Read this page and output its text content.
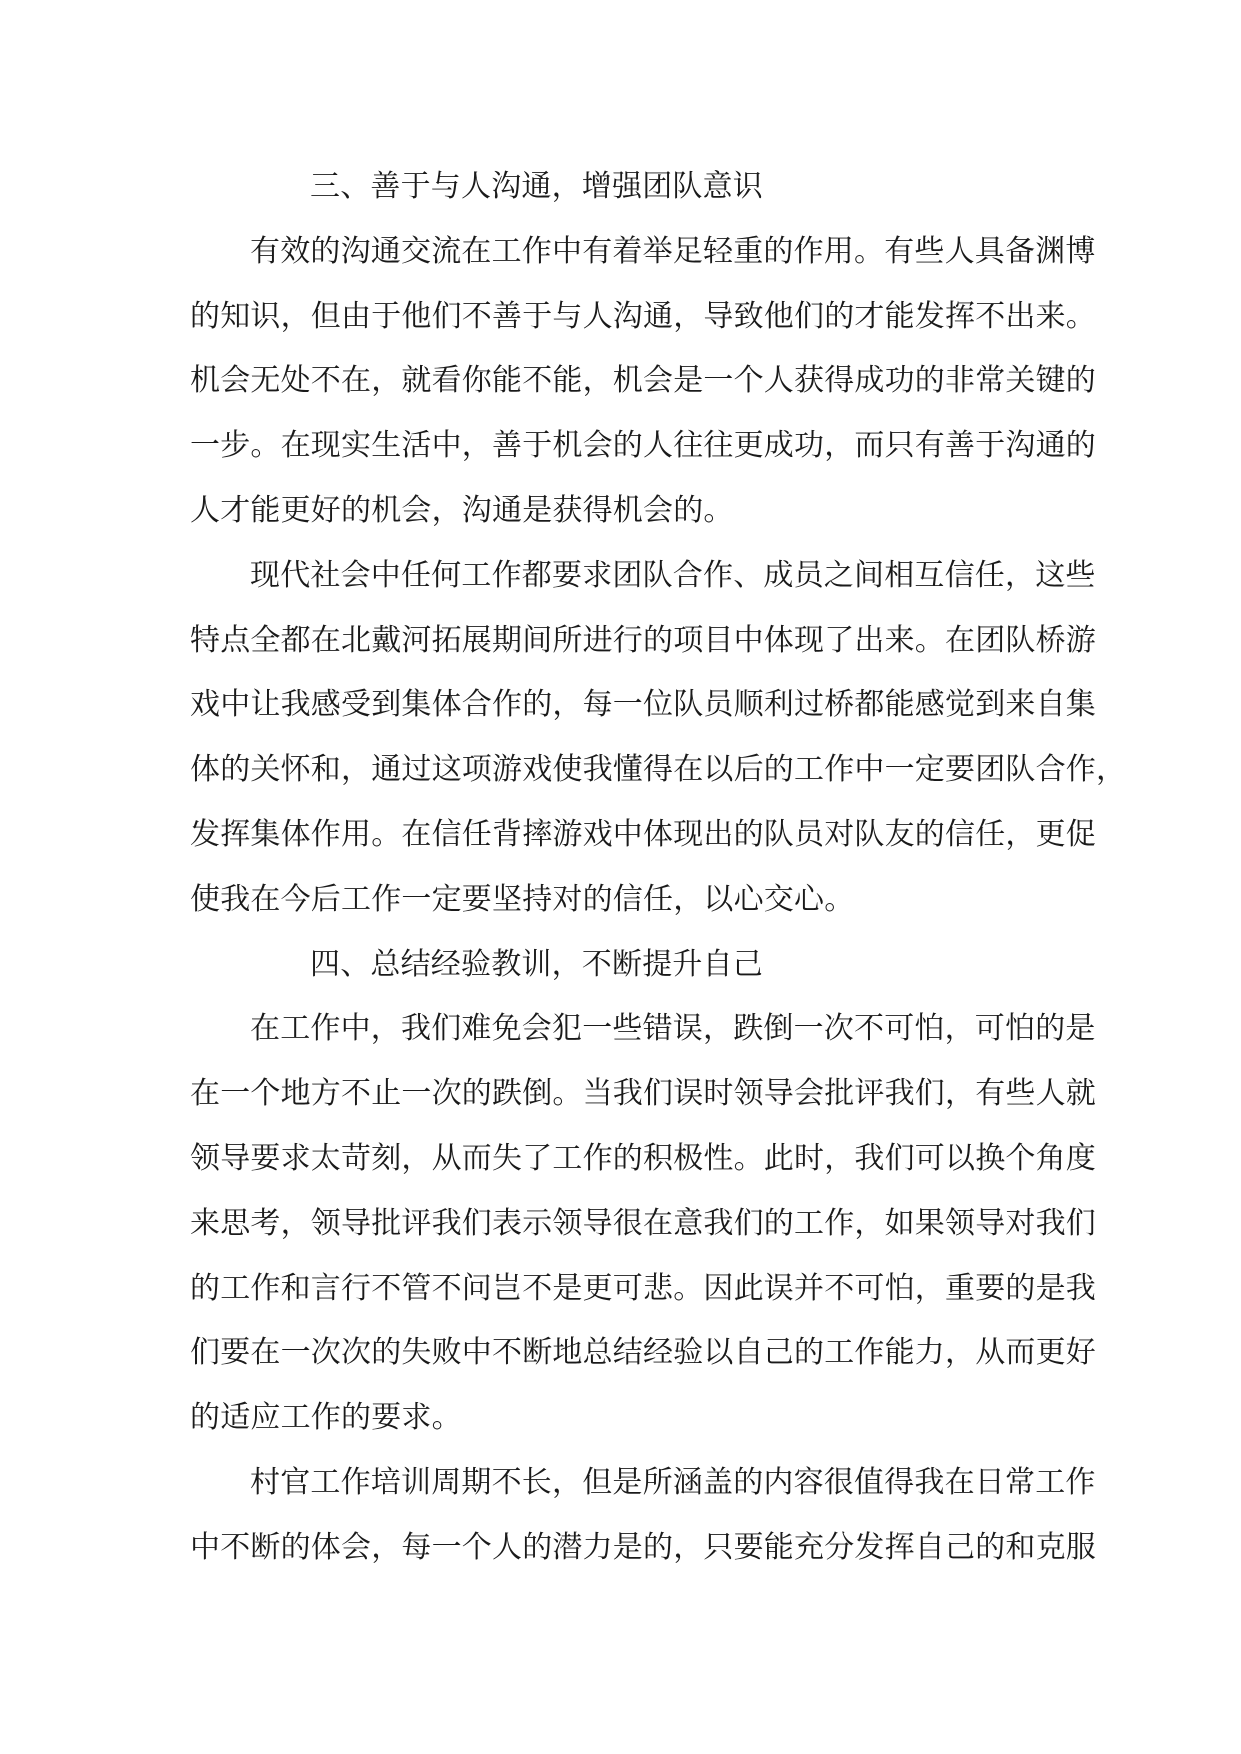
三、善于与人沟通，增强团队意识
有效的沟通交流在工作中有着举足轻重的作用。有些人具备渊博
的知识，但由于他们不善于与人沟通，导致他们的才能发挥不出来。
机会无处不在，就看你能不能，机会是一个人获得成功的非常关键的
一步。在现实生活中，善于机会的人往往更成功，而只有善于沟通的
人才能更好的机会，沟通是获得机会的。
现代社会中任何工作都要求团队合作、成员之间相互信任，这些
特点全都在北戴河拓展期间所进行的项目中体现了出来。在团队桥游
戏中让我感受到集体合作的，每一位队员顺利过桥都能感觉到来自集
体的关怀和，通过这项游戏使我懂得在以后的工作中一定要团队合作，
发挥集体作用。在信任背摔游戏中体现出的队员对队友的信任，更促
使我在今后工作一定要坚持对的信任，以心交心。
四、总结经验教训，不断提升自己
在工作中，我们难免会犯一些错误，跌倒一次不可怕，可怕的是
在一个地方不止一次的跌倒。当我们误时领导会批评我们，有些人就
领导要求太苛刻，从而失了工作的积极性。此时，我们可以换个角度
来思考，领导批评我们表示领导很在意我们的工作，如果领导对我们
的工作和言行不管不问岂不是更可悲。因此误并不可怕，重要的是我
们要在一次次的失败中不断地总结经验以自己的工作能力，从而更好
的适应工作的要求。
村官工作培训周期不长，但是所涵盖的内容很值得我在日常工作
中不断的体会，每一个人的潜力是的，只要能充分发挥自己的和克服
